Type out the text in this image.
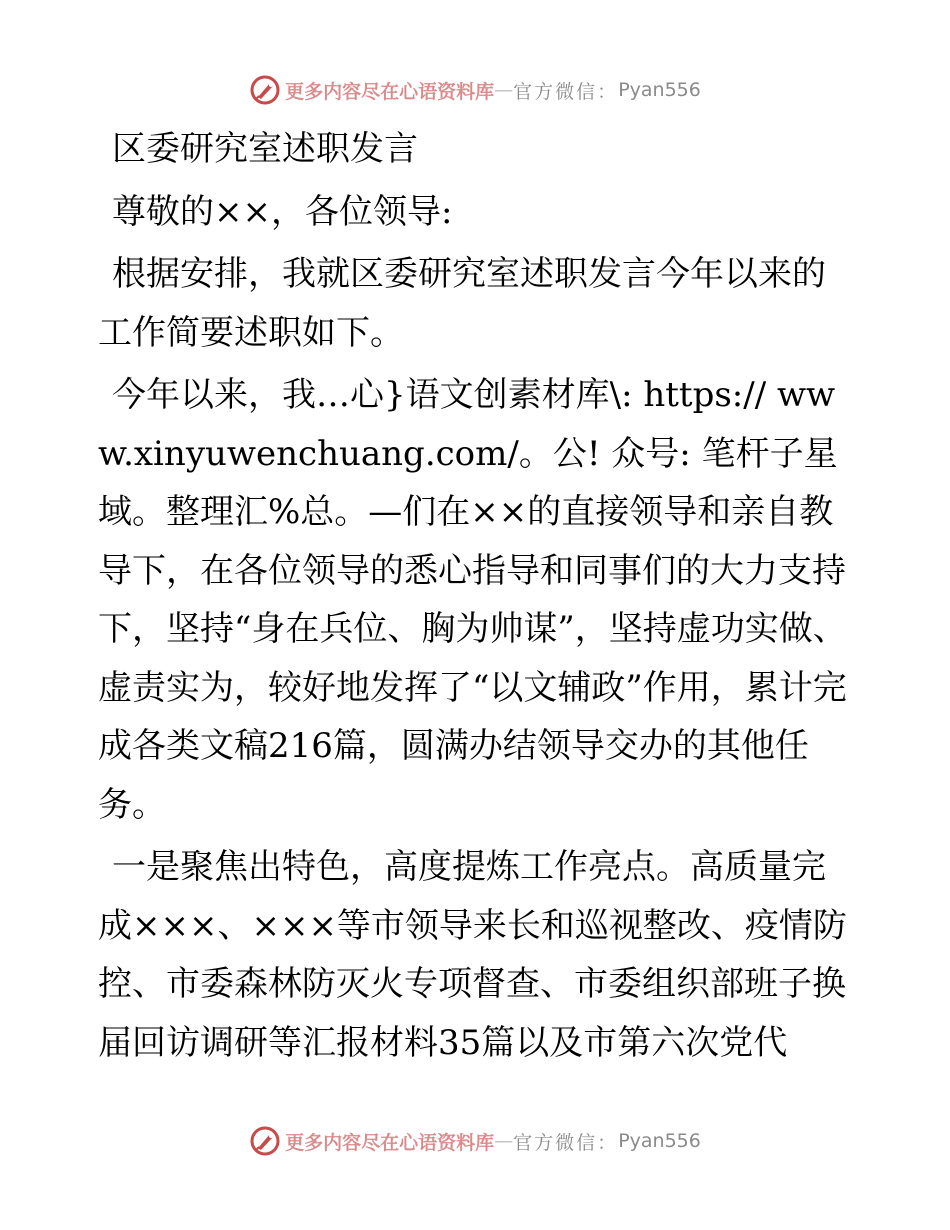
更多内容尽在心语资料库 — 官方微信： Pyan556

区委研究室述职发言

尊敬的××，各位领导:

根据安排，我就区委研究室述职发言今年以来的工作简要述职如下。

今年以来，我…心}语文创素材库\: https:// www.xinyuwenchuang.com/。公! 众号: 笔杆子星域。整理汇%总。—们在××的直接领导和亲自教导下，在各位领导的悉心指导和同事们的大力支持下，坚持“身在兵位、胸为帅谋”，坚持虚功实做、虚责实为，较好地发挥了“以文辅政”作用，累计完成各类文稿216篇，圆满办结领导交办的其他任务。

一是聚焦出特色，高度提炼工作亮点。高质量完成×××、×××等市领导来长和巡视整改、疫情防控、市委森林防灭火专项督查、市委组织部班子换届回访调研等汇报材料35篇以及市第六次党代

更多内容尽在心语资料库 — 官方微信： Pyan556
